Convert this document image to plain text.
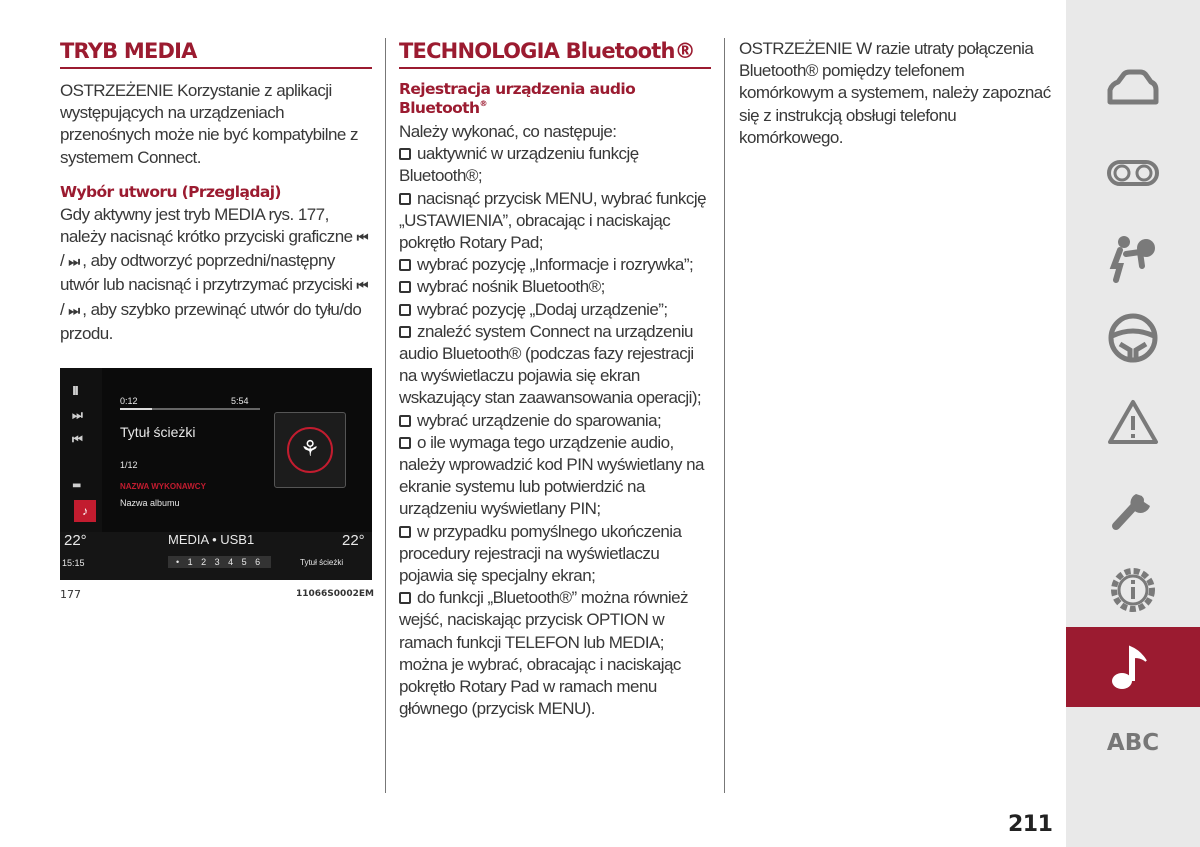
TRYB MEDIA
OSTRZEŻENIE Korzystanie z aplikacji występujących na urządzeniach przenośnych może nie być kompatybilne z systemem Connect.
Wybór utworu (Przeglądaj)
Gdy aktywny jest tryb MEDIA rys. 177, należy nacisnąć krótko przyciski graficzne ⏮ / ⏭ , aby odtworzyć poprzedni/następny utwór lub nacisnąć i przytrzymać przyciski ⏮ / ⏭ , aby szybko przewinąć utwór do tyłu/do przodu.
II
⏭
⏮
▬
♪
0:12	5:54
Tytuł ścieżki
1/12
NAZWA WYKONAWCY
Nazwa albumu
⚘
22°	MEDIA • USB1	22°
15:15	• 1 2 3 4 5 6	Tytuł ścieżki
177	11066S0002EM
TECHNOLOGIA Bluetooth®
Rejestracja urządzenia audio Bluetooth®
Należy wykonać, co następuje:
uaktywnić w urządzeniu funkcję Bluetooth®;
nacisnąć przycisk MENU, wybrać funkcję „USTAWIENIA”, obracając i naciskając pokrętło Rotary Pad;
wybrać pozycję „Informacje i rozrywka”;
wybrać nośnik Bluetooth®;
wybrać pozycję „Dodaj urządzenie”;
znaleźć system Connect na urządzeniu audio Bluetooth® (podczas fazy rejestracji na wyświetlaczu pojawia się ekran wskazujący stan zaawansowania operacji);
wybrać urządzenie do sparowania;
o ile wymaga tego urządzenie audio, należy wprowadzić kod PIN wyświetlany na ekranie systemu lub potwierdzić na urządzeniu wyświetlany PIN;
w przypadku pomyślnego ukończenia procedury rejestracji na wyświetlaczu pojawia się specjalny ekran;
do funkcji „Bluetooth®” można również wejść, naciskając przycisk OPTION w ramach funkcji TELEFON lub MEDIA; można je wybrać, obracając i naciskając pokrętło Rotary Pad w ramach menu głównego (przycisk MENU).
OSTRZEŻENIE W razie utraty połączenia Bluetooth® pomiędzy telefonem komórkowym a systemem, należy zapoznać się z instrukcją obsługi telefonu komórkowego.
ABC
211
